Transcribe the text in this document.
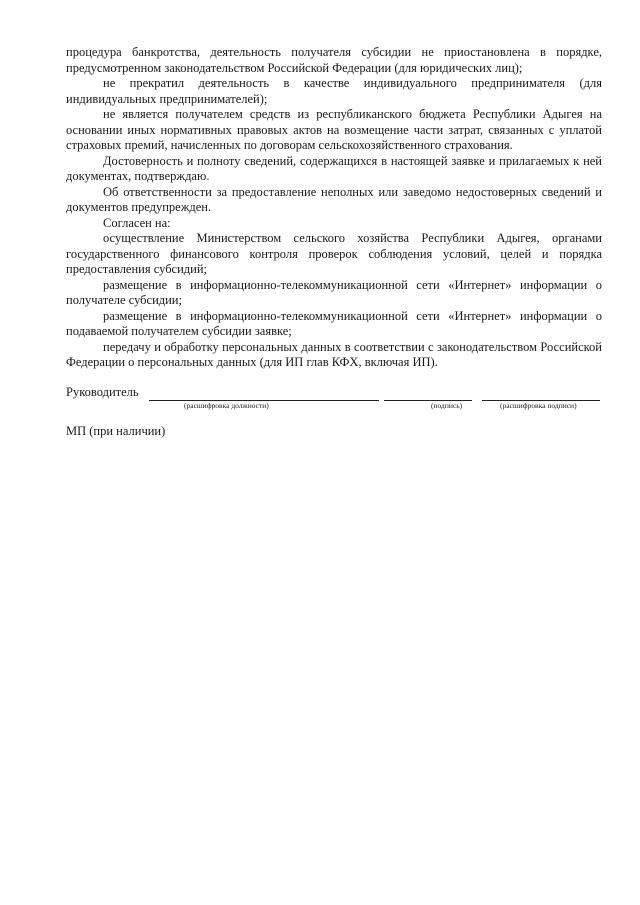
процедура банкротства, деятельность получателя субсидии не приостановлена в порядке, предусмотренном законодательством Российской Федерации (для юридических лиц);

не прекратил деятельность в качестве индивидуального предпринимателя (для индивидуальных предпринимателей);

не является получателем средств из республиканского бюджета Республики Адыгея на основании иных нормативных правовых актов на возмещение части затрат, связанных с уплатой страховых премий, начисленных по договорам сельскохозяйственного страхования.

Достоверность и полноту сведений, содержащихся в настоящей заявке и прилагаемых к ней документах, подтверждаю.

Об ответственности за предоставление неполных или заведомо недостоверных сведений и документов предупрежден.

Согласен на:

осуществление Министерством сельского хозяйства Республики Адыгея, органами государственного финансового контроля проверок соблюдения условий, целей и порядка предоставления субсидий;

размещение в информационно-телекоммуникационной сети «Интернет» информации о получателе субсидии;

размещение в информационно-телекоммуникационной сети «Интернет» информации о подаваемой получателем субсидии заявке;

передачу и обработку персональных данных в соответствии с законодательством Российской Федерации о персональных данных (для ИП глав КФХ, включая ИП).

Руководитель
(расшифровка должности)	(подпись)	(расшифровка подписи)
МП (при наличии)
